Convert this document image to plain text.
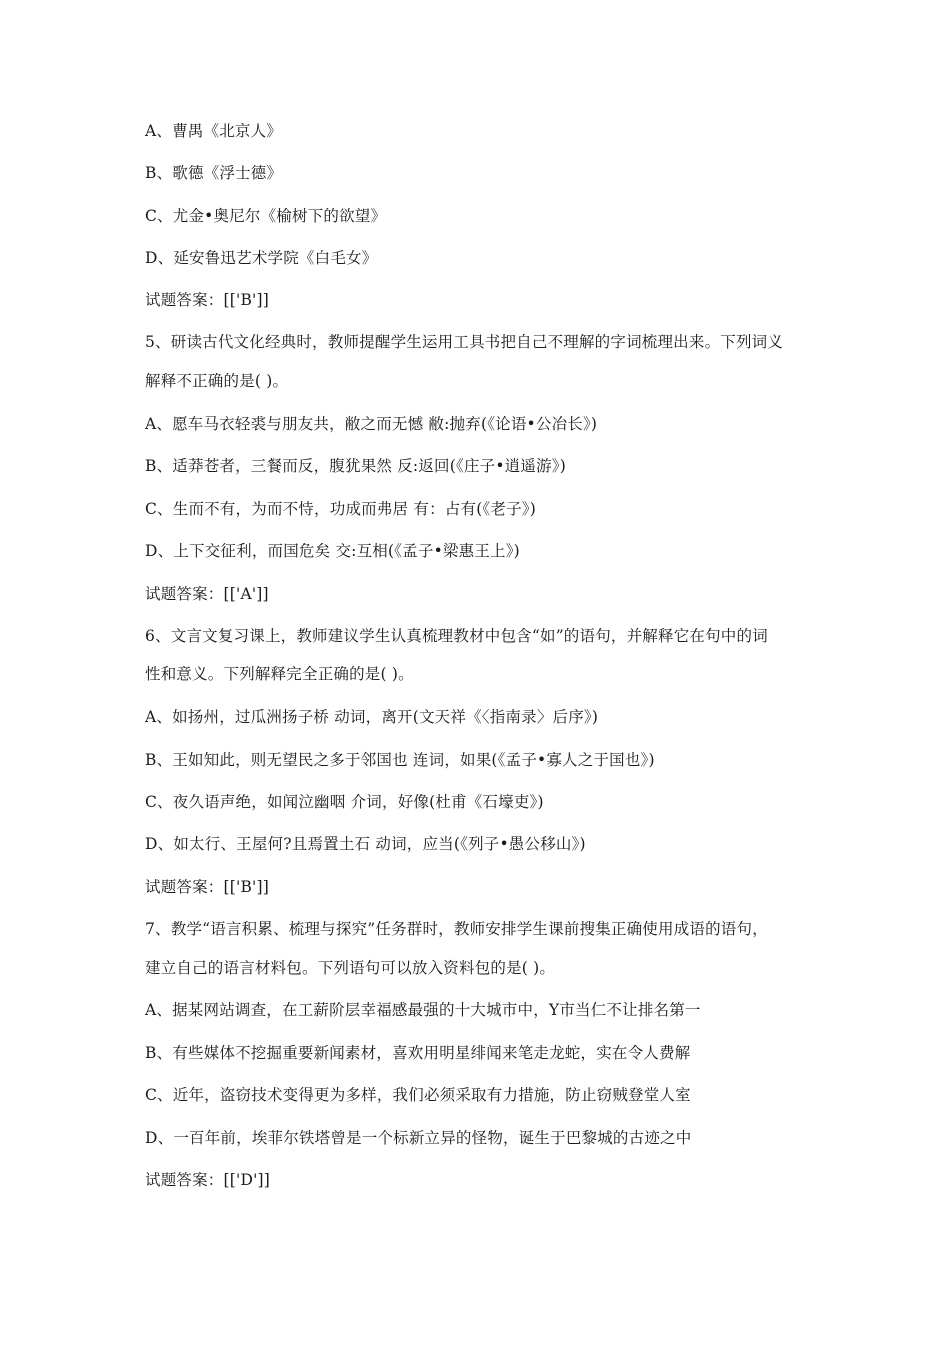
A、曹禺《北京人》
B、歌德《浮士德》
C、尤金•奥尼尔《榆树下的欲望》
D、延安鲁迅艺术学院《白毛女》
试题答案：[['B']]
5、研读古代文化经典时，教师提醒学生运用工具书把自己不理解的字词梳理出来。下列词义
解释不正确的是( )。
A、愿车马衣轻裘与朋友共，敝之而无憾 敝:抛弃(《论语•公冶长》)
B、适莽苍者，三餐而反，腹犹果然 反:返回(《庄子•逍遥游》)
C、生而不有，为而不恃，功成而弗居 有：占有(《老子》)
D、上下交征利，而国危矣 交:互相(《孟子•梁惠王上》)
试题答案：[['A']]
6、文言文复习课上，教师建议学生认真梳理教材中包含“如”的语句，并解释它在句中的词
性和意义。下列解释完全正确的是( )。
A、如扬州，过瓜洲扬子桥 动词，离开(文天祥《〈指南录〉后序》)
B、王如知此，则无望民之多于邻国也 连词，如果(《孟子•寡人之于国也》)
C、夜久语声绝，如闻泣幽咽 介词，好像(杜甫《石壕吏》)
D、如太行、王屋何?且焉置土石 动词，应当(《列子•愚公移山》)
试题答案：[['B']]
7、教学“语言积累、梳理与探究”任务群时，教师安排学生课前搜集正确使用成语的语句，
建立自己的语言材料包。下列语句可以放入资料包的是( )。
A、据某网站调查，在工薪阶层幸福感最强的十大城市中，Y市当仁不让排名第一
B、有些媒体不挖掘重要新闻素材，喜欢用明星绯闻来笔走龙蛇，实在令人费解
C、近年，盗窃技术变得更为多样，我们必须采取有力措施，防止窃贼登堂人室
D、一百年前，埃菲尔铁塔曾是一个标新立异的怪物，诞生于巴黎城的古迹之中
试题答案：[['D']]
